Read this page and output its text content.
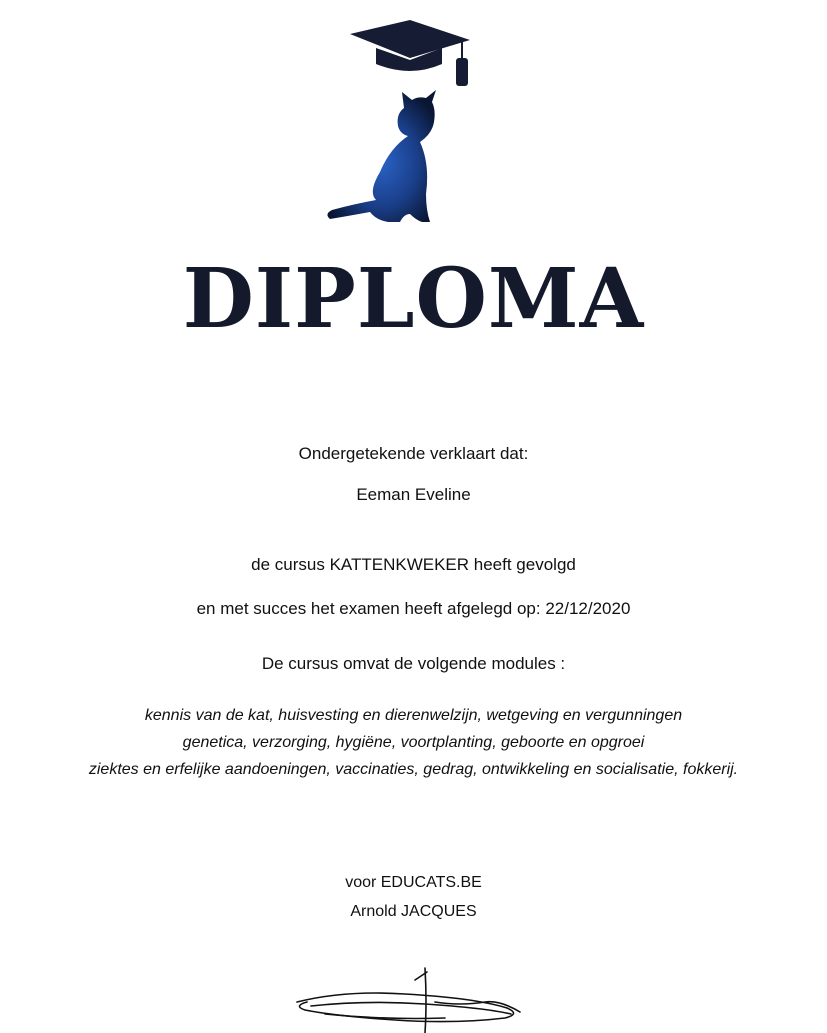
DIPLOMA
Ondergetekende verklaart dat:
Eeman Eveline
de cursus KATTENKWEKER heeft gevolgd
en met succes het examen heeft afgelegd op: 22/12/2020
De cursus omvat de volgende modules :
kennis van de kat, huisvesting en dierenwelzijn, wetgeving en vergunningen
genetica, verzorging, hygiëne, voortplanting, geboorte en opgroei
ziektes en erfelijke aandoeningen, vaccinaties, gedrag, ontwikkeling en socialisatie, fokkerij.
voor EDUCATS.BE
Arnold JACQUES
